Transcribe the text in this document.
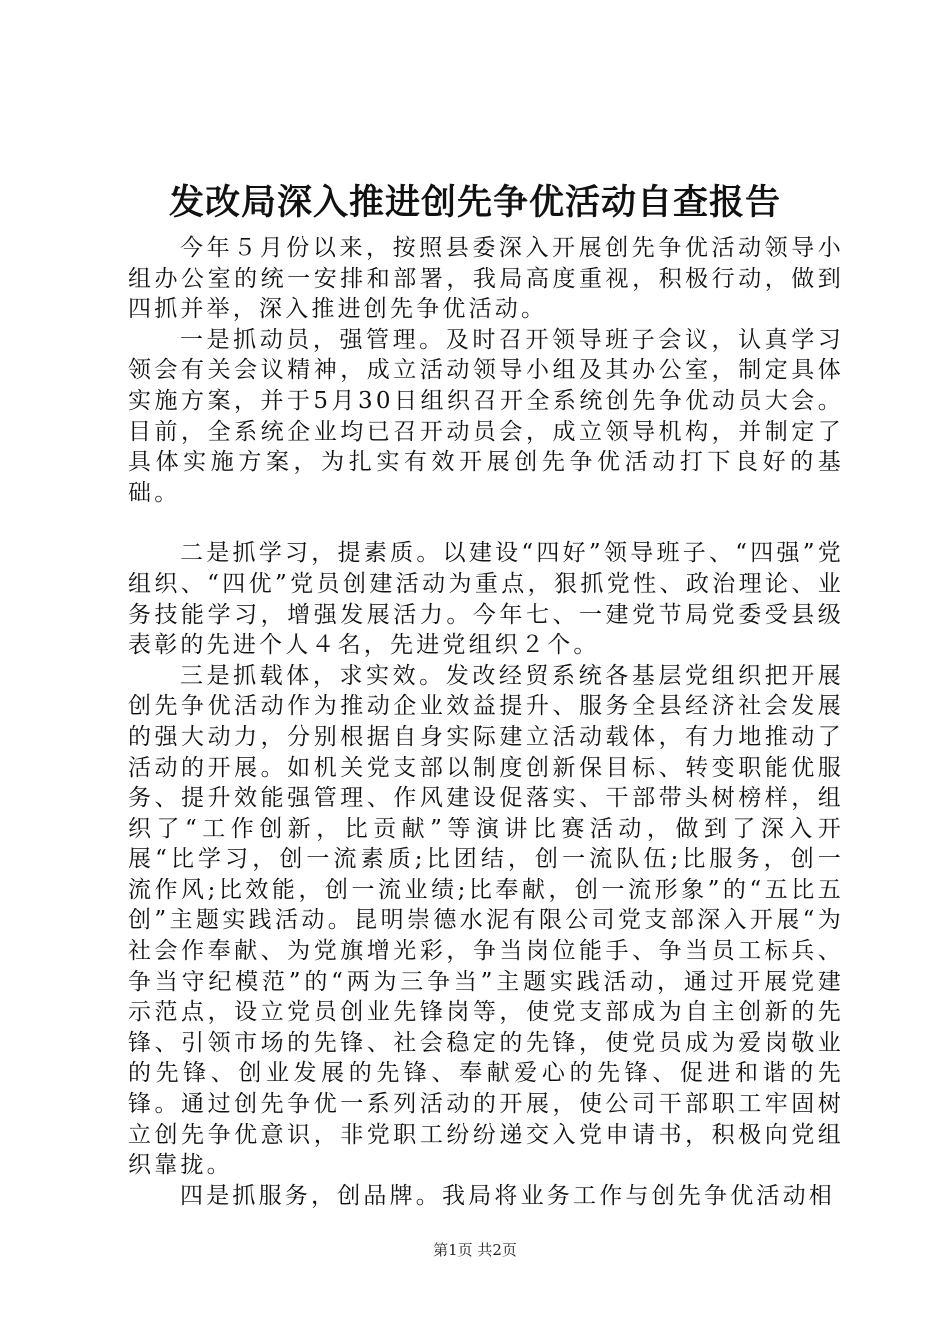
发改局深入推进创先争优活动自查报告

今年５月份以来，按照县委深入开展创先争优活动领导小组办公室的统一安排和部署，我局高度重视，积极行动，做到四抓并举，深入推进创先争优活动。

一是抓动员，强管理。及时召开领导班子会议，认真学习领会有关会议精神，成立活动领导小组及其办公室，制定具体实施方案，并于5月30日组织召开全系统创先争优动员大会。目前，全系统企业均已召开动员会，成立领导机构，并制定了具体实施方案，为扎实有效开展创先争优活动打下良好的基础。

二是抓学习，提素质。以建设“四好”领导班子、“四强”党组织、“四优”党员创建活动为重点，狠抓党性、政治理论、业务技能学习，增强发展活力。今年七、一建党节局党委受县级表彰的先进个人４名，先进党组织２个。

三是抓载体，求实效。发改经贸系统各基层党组织把开展创先争优活动作为推动企业效益提升、服务全县经济社会发展的强大动力，分别根据自身实际建立活动载体，有力地推动了活动的开展。如机关党支部以制度创新保目标、转变职能优服务、提升效能强管理、作风建设促落实、干部带头树榜样，组织了“工作创新，比贡献”等演讲比赛活动，做到了深入开展“比学习，创一流素质;比团结，创一流队伍;比服务，创一流作风;比效能，创一流业绩;比奉献，创一流形象”的“五比五创”主题实践活动。昆明崇德水泥有限公司党支部深入开展“为社会作奉献、为党旗增光彩，争当岗位能手、争当员工标兵、争当守纪模范”的“两为三争当”主题实践活动，通过开展党建示范点，设立党员创业先锋岗等，使党支部成为自主创新的先锋、引领市场的先锋、社会稳定的先锋，使党员成为爱岗敬业的先锋、创业发展的先锋、奉献爱心的先锋、促进和谐的先锋。通过创先争优一系列活动的开展，使公司干部职工牢固树立创先争优意识，非党职工纷纷递交入党申请书，积极向党组织靠拢。

四是抓服务，创品牌。我局将业务工作与创先争优活动相

第1页 共2页
